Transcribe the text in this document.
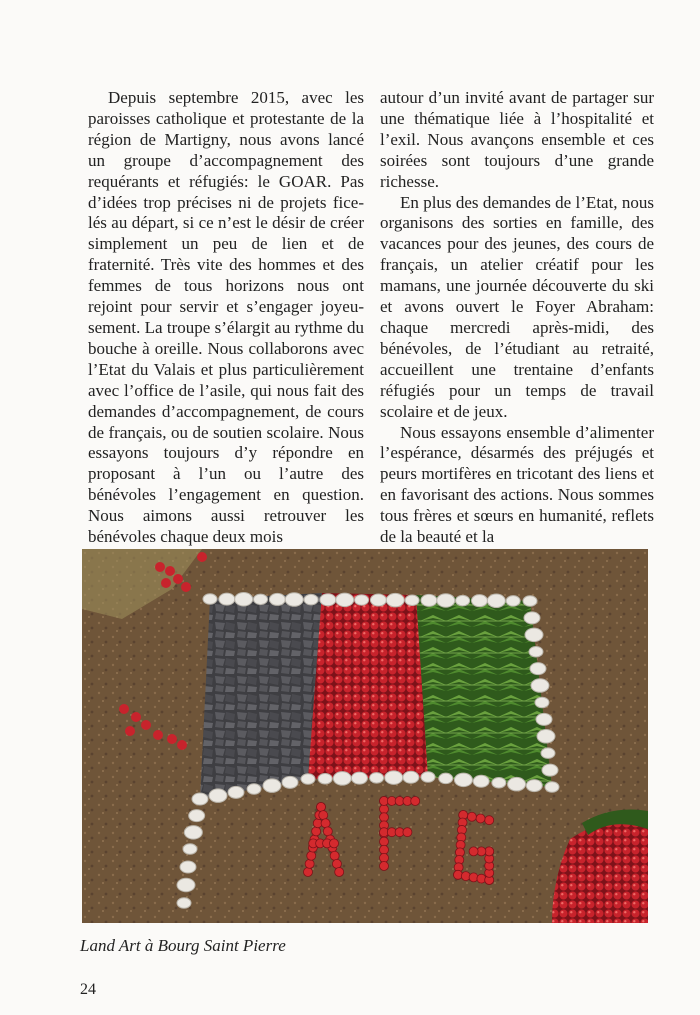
Depuis septembre 2015, avec les paroisses catholique et protestante de la région de Martigny, nous avons lancé un groupe d’accompagnement des requérants et réfugiés: le GOAR. Pas d’idées trop précises ni de projets ficelés au départ, si ce n’est le désir de créer simplement un peu de lien et de fraternité. Très vite des hommes et des femmes de tous horizons nous ont rejoint pour servir et s’engager joyeusement. La troupe s’élargit au rythme du bouche à oreille. Nous collaborons avec l’Etat du Valais et plus particulièrement avec l’office de l’asile, qui nous fait des demandes d’accompagnement, de cours de français, ou de soutien scolaire. Nous essayons toujours d’y répondre en proposant à l’un ou l’autre des bénévoles l’engagement en question. Nous aimons aussi retrouver les bénévoles chaque deux mois

autour d’un invité avant de partager sur une thématique liée à l’hospitalité et l’exil. Nous avançons ensemble et ces soirées sont toujours d’une grande richesse.

En plus des demandes de l’Etat, nous organisons des sorties en famille, des vacances pour des jeunes, des cours de français, un atelier créatif pour les mamans, une journée découverte du ski et avons ouvert le Foyer Abraham: chaque mercredi après-midi, des bénévoles, de l’étudiant au retraité, accueillent une trentaine d’enfants réfugiés pour un temps de travail scolaire et de jeux.

Nous essayons ensemble d’alimenter l’espérance, désarmés des préjugés et peurs mortifères en tricotant des liens et en favorisant des actions. Nous sommes tous frères et sœurs en humanité, reflets de la beauté et la

Land Art à Bourg Saint Pierre
24
